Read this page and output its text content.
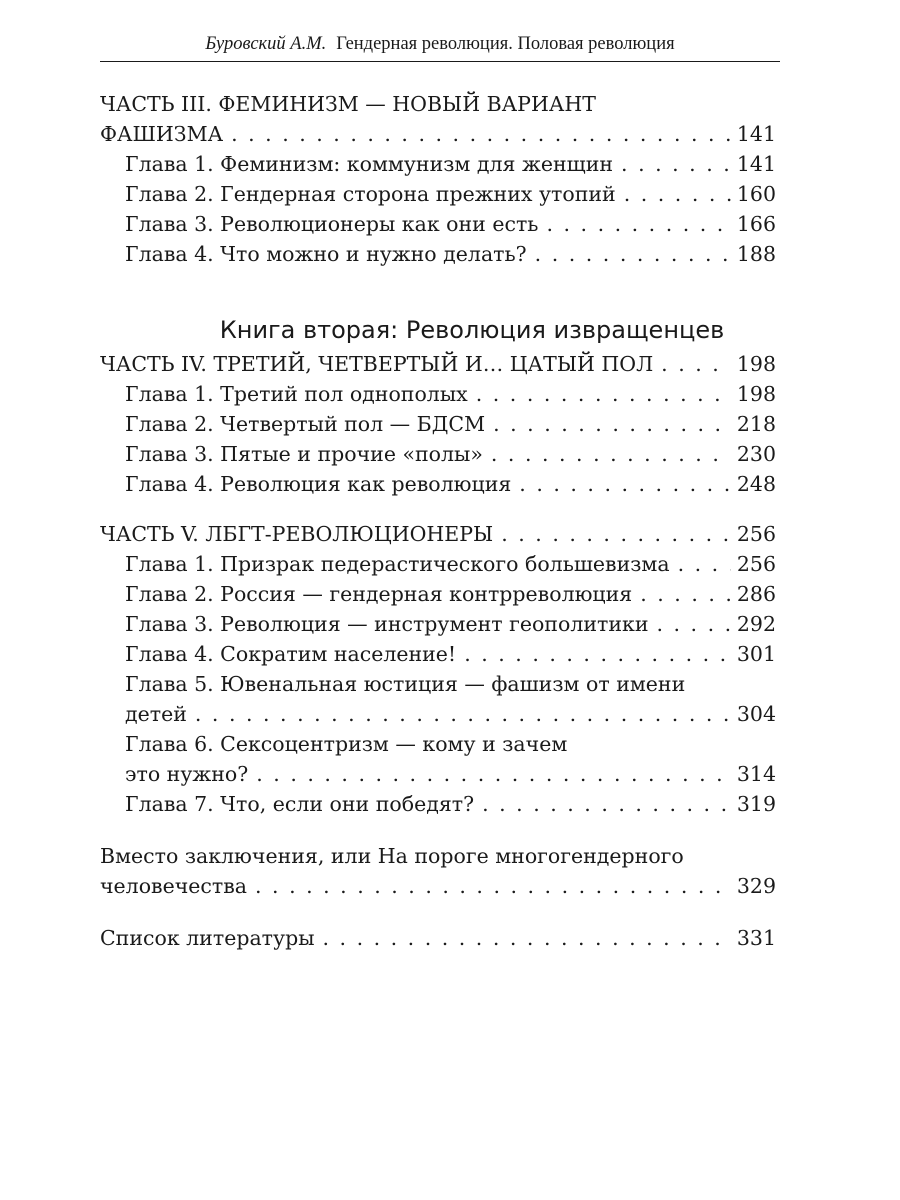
Буровский А.М. Гендерная революция. Половая революция
ЧАСТЬ III. ФЕМИНИЗМ — НОВЫЙ ВАРИАНТ
ФАШИЗМА . . .	141
Глава 1. Феминизм: коммунизм для женщин . . .	141
Глава 2. Гендерная сторона прежних утопий . . .	160
Глава 3. Революционеры как они есть . . .	166
Глава 4. Что можно и нужно делать? . . .	188
Книга вторая: Революция извращенцев
ЧАСТЬ IV. ТРЕТИЙ, ЧЕТВЕРТЫЙ И… ЦАТЫЙ ПОЛ . . .	198
Глава 1. Третий пол однополых . . .	198
Глава 2. Четвертый пол — БДСМ . . .	218
Глава 3. Пятые и прочие «полы» . . .	230
Глава 4. Революция как революция . . .	248
ЧАСТЬ V. ЛБГТ-РЕВОЛЮЦИОНЕРЫ . . .	256
Глава 1. Призрак педерастического большевизма . . .	256
Глава 2. Россия — гендерная контрреволюция . . .	286
Глава 3. Революция — инструмент геополитики . . .	292
Глава 4. Сократим население! . . .	301
Глава 5. Ювенальная юстиция — фашизм от имени
детей . . .	304
Глава 6. Сексоцентризм — кому и зачем
это нужно? . . .	314
Глава 7. Что, если они победят? . . .	319
Вместо заключения, или На пороге многогендерного
человечества . . .	329
Список литературы . . .	331
